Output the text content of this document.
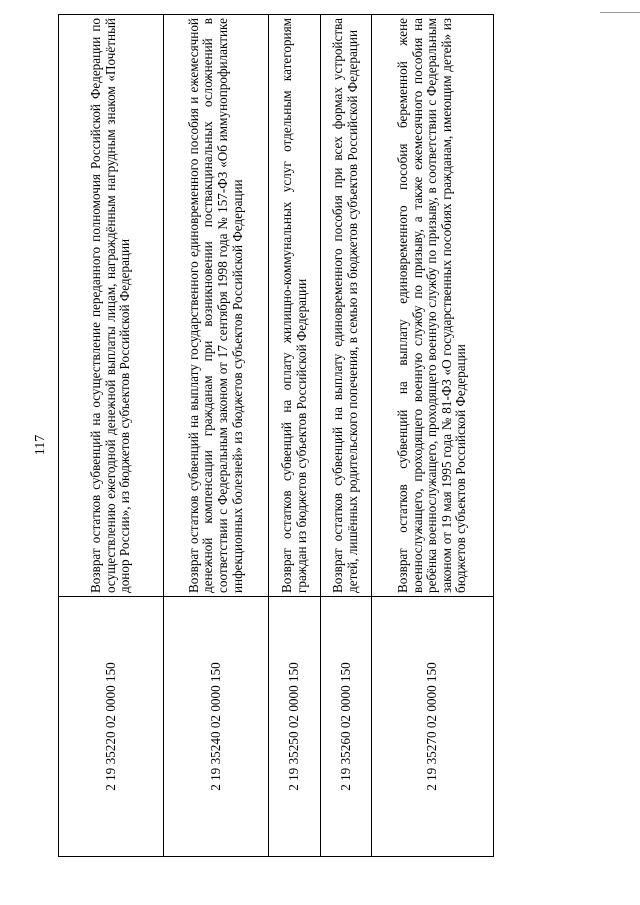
117
2 19 35220 02 0000 150	Возврат остатков субвенций на осуществление переданного полномочия Российской Федерации по осуществлению ежегодной денежной выплаты лицам, награждённым нагрудным знаком «Почётный донор России», из бюджетов субъектов Российской Федерации
2 19 35240 02 0000 150	Возврат остатков субвенций на выплату государственного единовременного пособия и ежемесячной денежной компенсации гражданам при возникновении поствакцинальных осложнений в соответствии с Федеральным законом от 17 сентября 1998 года № 157-ФЗ «Об иммунопрофилактике инфекционных болезней» из бюджетов субъектов Российской Федерации
2 19 35250 02 0000 150	Возврат остатков субвенций на оплату жилищно-коммунальных услуг отдельным категориям граждан из бюджетов субъектов Российской Федерации
2 19 35260 02 0000 150	Возврат остатков субвенций на выплату единовременного пособия при всех формах устройства детей, лишённых родительского попечения, в семью из бюджетов субъектов Российской Федерации
2 19 35270 02 0000 150	Возврат остатков субвенций на выплату единовременного пособия беременной жене военнослужащего, проходящего военную службу по призыву, а также ежемесячного пособия на ребёнка военнослужащего, проходящего военную службу по призыву, в соответствии с Федеральным законом от 19 мая 1995 года № 81-ФЗ «О государственных пособиях гражданам, имеющим детей» из бюджетов субъектов Российской Федерации
